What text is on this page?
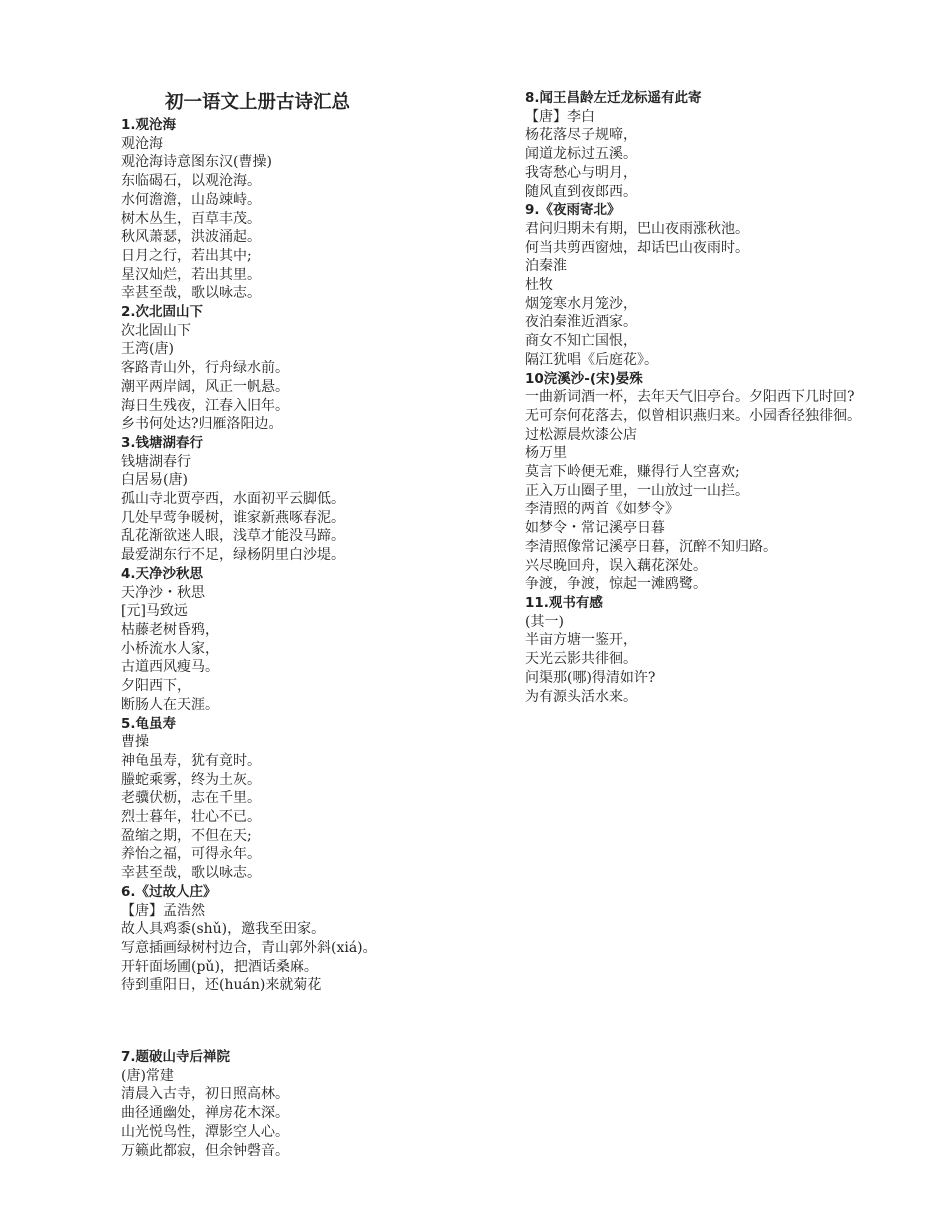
初一语文上册古诗汇总
1.观沧海
观沧海
观沧海诗意图东汉(曹操)
东临碣石，以观沧海。
水何澹澹，山岛竦峙。
树木丛生，百草丰茂。
秋风萧瑟，洪波涌起。
日月之行，若出其中;
星汉灿烂，若出其里。
幸甚至哉，歌以咏志。
2.次北固山下
次北固山下
王湾(唐)
客路青山外，行舟绿水前。
潮平两岸阔，风正一帆悬。
海日生残夜，江春入旧年。
乡书何处达?归雁洛阳边。
3.钱塘湖春行
钱塘湖春行
白居易(唐)
孤山寺北贾亭西，水面初平云脚低。
几处早莺争暖树，谁家新燕啄春泥。
乱花渐欲迷人眼，浅草才能没马蹄。
最爱湖东行不足，绿杨阴里白沙堤。
4.天净沙秋思
天净沙・秋思
[元]马致远
枯藤老树昏鸦，
小桥流水人家，
古道西风瘦马。
夕阳西下，
断肠人在天涯。
5.龟虽寿
曹操
神龟虽寿，犹有竟时。
螣蛇乘雾，终为土灰。
老骥伏枥，志在千里。
烈士暮年，壮心不已。
盈缩之期，不但在天;
养怡之福，可得永年。
幸甚至哉，歌以咏志。
6.《过故人庄》
【唐】孟浩然
故人具鸡黍(shǔ)，邀我至田家。
写意插画绿树村边合，青山郭外斜(xiá)。
开轩面场圃(pǔ)，把酒话桑麻。
待到重阳日，还(huán)来就菊花
7.题破山寺后禅院
(唐)常建
清晨入古寺，初日照高林。
曲径通幽处，禅房花木深。
山光悦鸟性，潭影空人心。
万籁此都寂，但余钟磬音。
8.闻王昌龄左迁龙标遥有此寄
【唐】李白
杨花落尽子规啼，
闻道龙标过五溪。
我寄愁心与明月，
随风直到夜郎西。
9.《夜雨寄北》
君问归期未有期，巴山夜雨涨秋池。
何当共剪西窗烛，却话巴山夜雨时。
泊秦淮
杜牧
烟笼寒水月笼沙，
夜泊秦淮近酒家。
商女不知亡国恨，
隔江犹唱《后庭花》。
10浣溪沙-(宋)晏殊
一曲新词酒一杯，去年天气旧亭台。夕阳西下几时回?
无可奈何花落去，似曾相识燕归来。小园香径独徘徊。
过松源晨炊漆公店
杨万里
莫言下岭便无难，赚得行人空喜欢;
正入万山圈子里，一山放过一山拦。
李清照的两首《如梦令》
如梦令・常记溪亭日暮
李清照像常记溪亭日暮，沉醉不知归路。
兴尽晚回舟，误入藕花深处。
争渡，争渡，惊起一滩鸥鹭。
11.观书有感
(其一)
半亩方塘一鉴开，
天光云影共徘徊。
问渠那(哪)得清如许?
为有源头活水来。
